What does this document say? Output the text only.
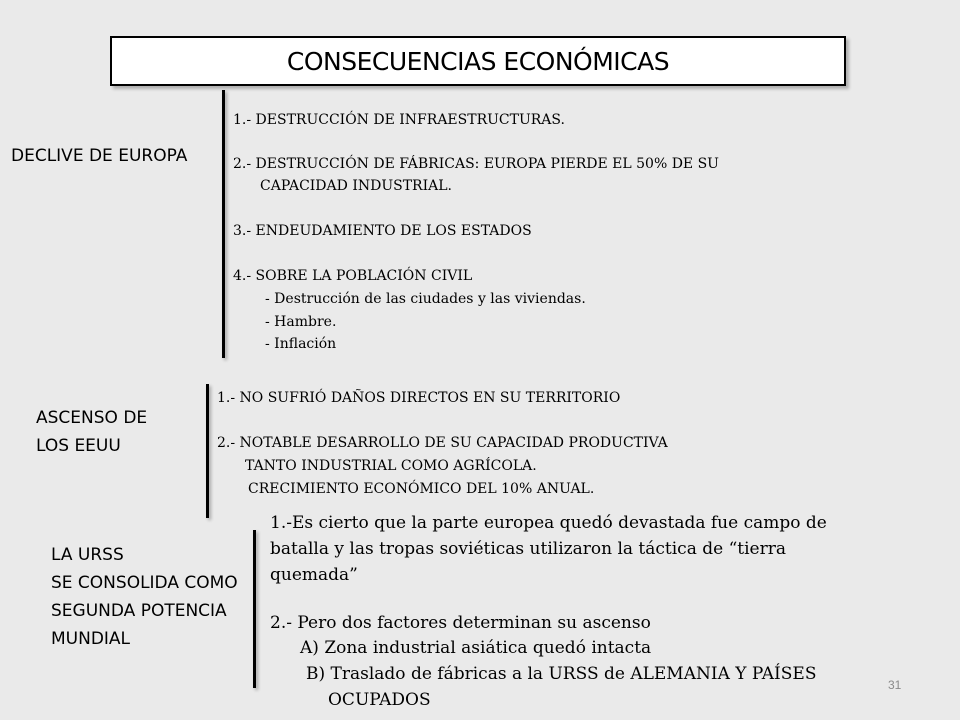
CONSECUENCIAS ECONÓMICAS
DECLIVE DE EUROPA
1.- DESTRUCCIÓN DE INFRAESTRUCTURAS.
2.- DESTRUCCIÓN DE FÁBRICAS: EUROPA PIERDE EL 50% DE SU
CAPACIDAD INDUSTRIAL.
3.- ENDEUDAMIENTO DE LOS ESTADOS
4.- SOBRE LA POBLACIÓN CIVIL
- Destrucción de las ciudades y las viviendas.
- Hambre.
- Inflación
ASCENSO DE
LOS EEUU
1.- NO SUFRIÓ DAÑOS DIRECTOS EN SU TERRITORIO
2.- NOTABLE DESARROLLO DE SU CAPACIDAD PRODUCTIVA
TANTO INDUSTRIAL COMO AGRÍCOLA.
CRECIMIENTO ECONÓMICO DEL 10% ANUAL.
LA URSS
SE CONSOLIDA COMO
SEGUNDA POTENCIA
MUNDIAL
1.-Es cierto que la parte europea quedó devastada fue campo de
batalla y las tropas soviéticas utilizaron la táctica de “tierra
quemada”
2.- Pero dos factores determinan su ascenso
A) Zona industrial asiática quedó intacta
B) Traslado de fábricas a la URSS de ALEMANIA Y PAÍSES
OCUPADOS
31
